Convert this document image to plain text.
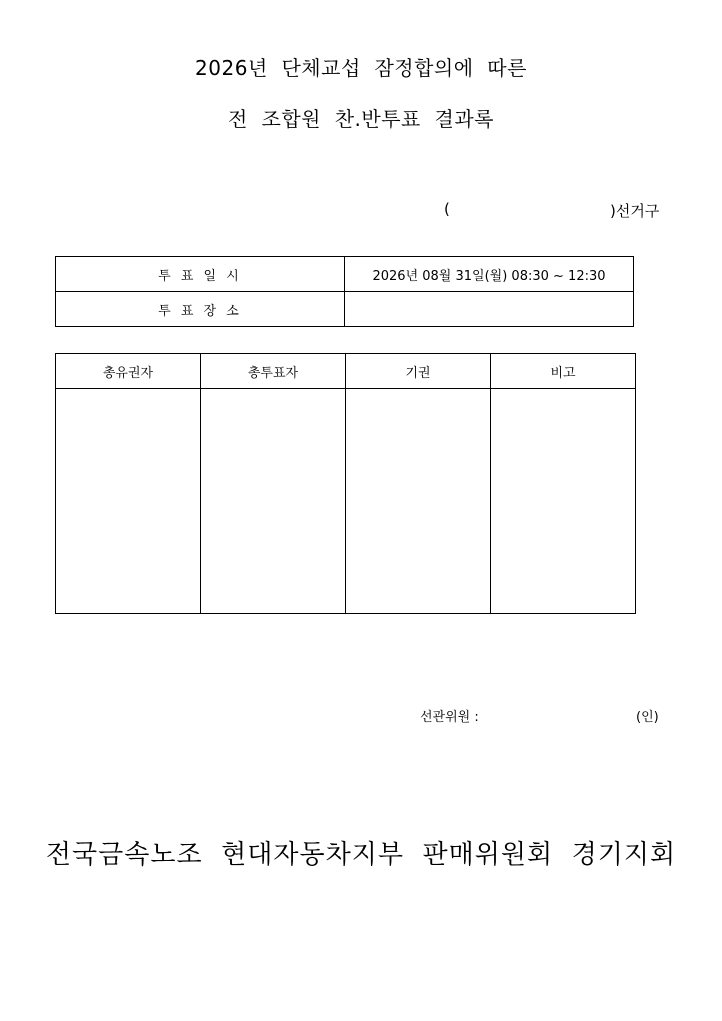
2026년  단체교섭  잠정합의에  따른
전  조합원  찬.반투표  결과록
(	)선거구
투 표 일 시	2026년 08월 31일(월) 08:30 ~ 12:30
투 표 장 소	
총유권자	총투표자	기권	비고

선관위원 :	(인)
전국금속노조  현대자동차지부  판매위원회  경기지회
